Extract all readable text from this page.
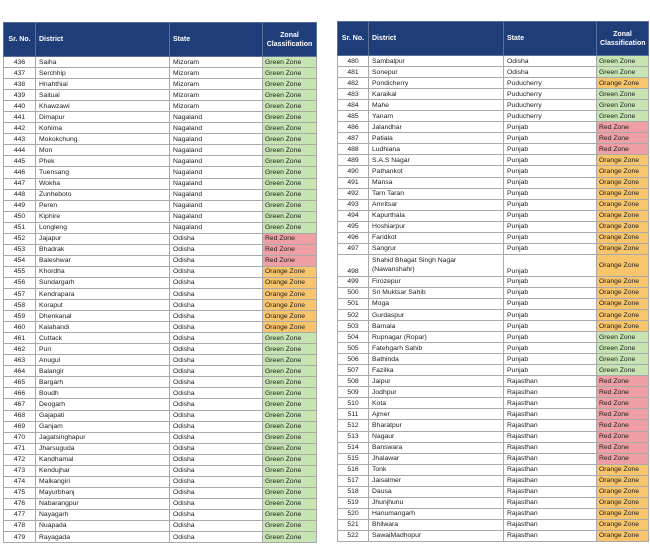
Sr. No.	District	State	Zonal Classification
436	Saiha	Mizoram	Green Zone
437	Serchhip	Mizoram	Green Zone
438	Hnahthial	Mizoram	Green Zone
439	Saitual	Mizoram	Green Zone
440	Khawzawl	Mizoram	Green Zone
441	Dimapur	Nagaland	Green Zone
442	Kohima	Nagaland	Green Zone
443	Mokokchung	Nagaland	Green Zone
444	Mon	Nagaland	Green Zone
445	Phek	Nagaland	Green Zone
446	Tuensang	Nagaland	Green Zone
447	Wokha	Nagaland	Green Zone
448	Zunheboto	Nagaland	Green Zone
449	Peren	Nagaland	Green Zone
450	Kiphire	Nagaland	Green Zone
451	Longleng	Nagaland	Green Zone
452	Jajapur	Odisha	Red Zone
453	Bhadrak	Odisha	Red Zone
454	Baleshwar	Odisha	Red Zone
455	Khordha	Odisha	Orange Zone
456	Sundargarh	Odisha	Orange Zone
457	Kendrapara	Odisha	Orange Zone
458	Koraput	Odisha	Orange Zone
459	Dhenkanal	Odisha	Orange Zone
460	Kalahandi	Odisha	Orange Zone
461	Cuttack	Odisha	Green Zone
462	Puri	Odisha	Green Zone
463	Anugul	Odisha	Green Zone
464	Balangir	Odisha	Green Zone
465	Bargarh	Odisha	Green Zone
466	Boudh	Odisha	Green Zone
467	Deogarh	Odisha	Green Zone
468	Gajapati	Odisha	Green Zone
469	Ganjam	Odisha	Green Zone
470	Jagatsinghapur	Odisha	Green Zone
471	Jharsuguda	Odisha	Green Zone
472	Kandhamal	Odisha	Green Zone
473	Kendujhar	Odisha	Green Zone
474	Malkangiri	Odisha	Green Zone
475	Mayurbhanj	Odisha	Green Zone
476	Nabarangpur	Odisha	Green Zone
477	Nayagarh	Odisha	Green Zone
478	Nuapada	Odisha	Green Zone
479	Rayagada	Odisha	Green Zone
Sr. No.	District	State	Zonal Classification
480	Sambalpur	Odisha	Green Zone
481	Sonepur	Odisha	Green Zone
482	Pondicherry	Puducherry	Orange Zone
483	Karaikal	Puducherry	Green Zone
484	Mahe	Puducherry	Green Zone
485	Yanam	Puducherry	Green Zone
486	Jalandhar	Punjab	Red Zone
487	Patiala	Punjab	Red Zone
488	Ludhiana	Punjab	Red Zone
489	S.A.S Nagar	Punjab	Orange Zone
490	Pathankot	Punjab	Orange Zone
491	Mansa	Punjab	Orange Zone
492	Tarn Taran	Punjab	Orange Zone
493	Amritsar	Punjab	Orange Zone
494	Kapurthala	Punjab	Orange Zone
495	Hoshiarpur	Punjab	Orange Zone
496	Faridkot	Punjab	Orange Zone
497	Sangrur	Punjab	Orange Zone
498	Shahid Bhagat Singh Nagar (Nawanshahr)	Punjab	Orange Zone
499	Firozepur	Punjab	Orange Zone
500	Sri Muktsar Sahib	Punjab	Orange Zone
501	Moga	Punjab	Orange Zone
502	Gurdaspur	Punjab	Orange Zone
503	Barnala	Punjab	Orange Zone
504	Rupnagar (Ropar)	Punjab	Green Zone
505	Fatehgarh Sahib	Punjab	Green Zone
506	Bathinda	Punjab	Green Zone
507	Fazilka	Punjab	Green Zone
508	Jaipur	Rajasthan	Red Zone
509	Jodhpur	Rajasthan	Red Zone
510	Kota	Rajasthan	Red Zone
511	Ajmer	Rajasthan	Red Zone
512	Bharatpur	Rajasthan	Red Zone
513	Nagaur	Rajasthan	Red Zone
514	Banswara	Rajasthan	Red Zone
515	Jhalawar	Rajasthan	Red Zone
516	Tonk	Rajasthan	Orange Zone
517	Jaisalmer	Rajasthan	Orange Zone
518	Dausa	Rajasthan	Orange Zone
519	Jhunjhunu	Rajasthan	Orange Zone
520	Hanumangarh	Rajasthan	Orange Zone
521	Bhilwara	Rajasthan	Orange Zone
522	SawaiMadhopur	Rajasthan	Orange Zone
